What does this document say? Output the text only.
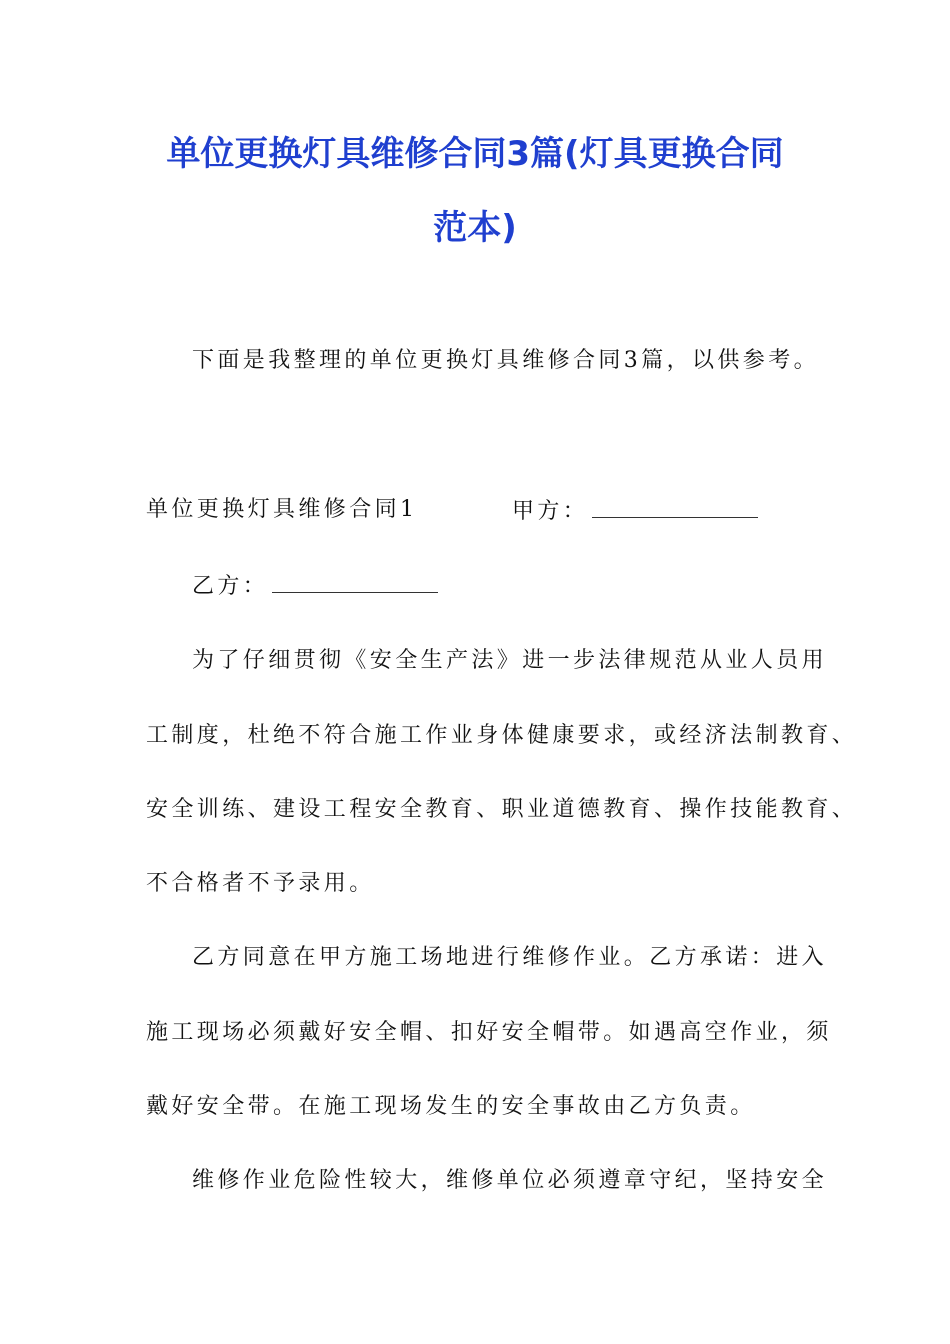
单位更换灯具维修合同3篇(灯具更换合同
范本)
下面是我整理的单位更换灯具维修合同3篇，以供参考。
单位更换灯具维修合同1	甲方：
乙方：
为了仔细贯彻《安全生产法》进一步法律规范从业人员用
工制度，杜绝不符合施工作业身体健康要求，或经济法制教育、
安全训练、建设工程安全教育、职业道德教育、操作技能教育、
不合格者不予录用。
乙方同意在甲方施工场地进行维修作业。乙方承诺：进入
施工现场必须戴好安全帽、扣好安全帽带。如遇高空作业，须
戴好安全带。在施工现场发生的安全事故由乙方负责。
维修作业危险性较大，维修单位必须遵章守纪，坚持安全
